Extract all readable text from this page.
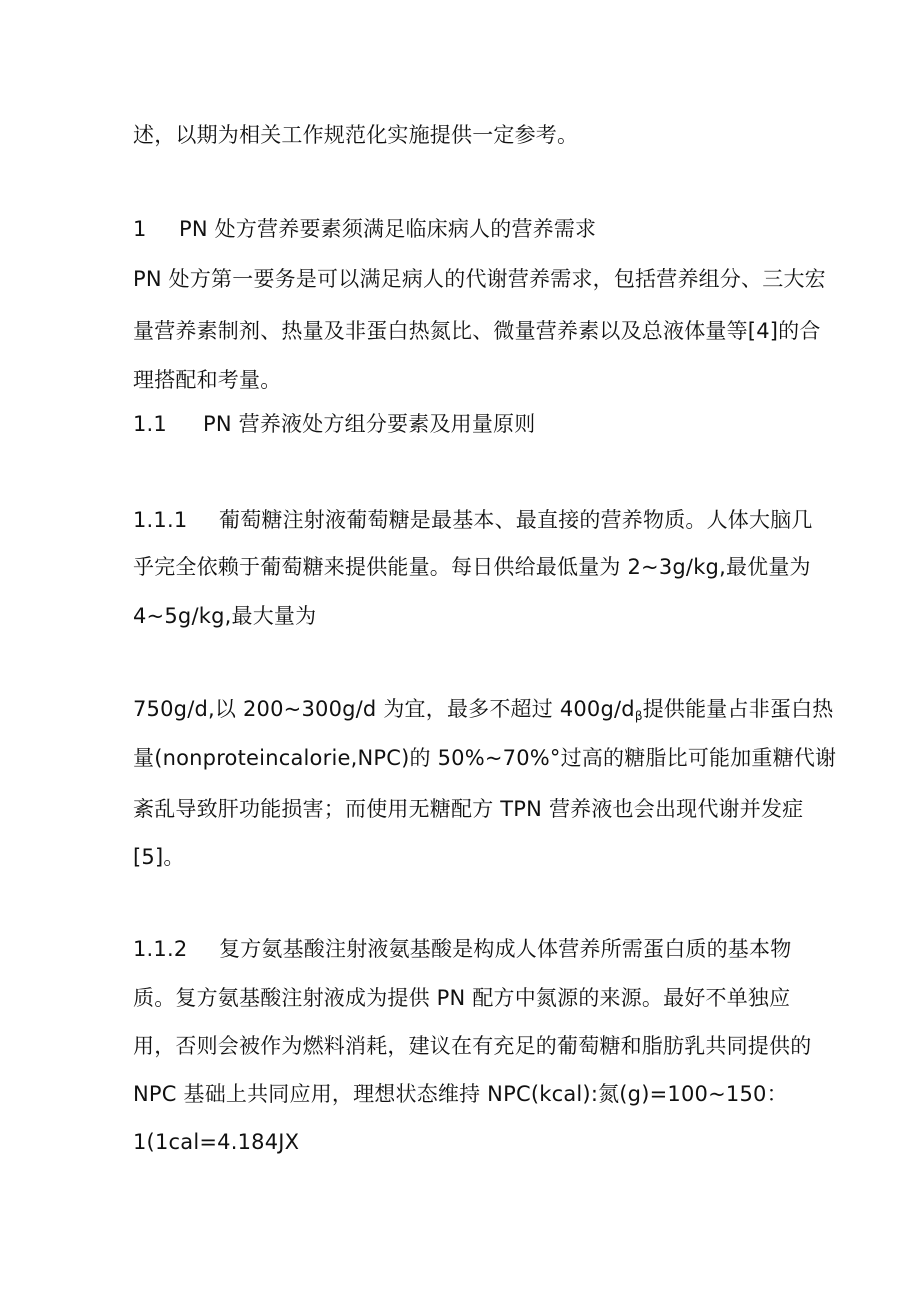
述，以期为相关工作规范化实施提供一定参考。
1 PN 处方营养要素须满足临床病人的营养需求
PN 处方第一要务是可以满足病人的代谢营养需求，包括营养组分、三大宏
量营养素制剂、热量及非蛋白热氮比、微量营养素以及总液体量等[4]的合
理搭配和考量。
1.1 PN 营养液处方组分要素及用量原则
1.1.1 葡萄糖注射液葡萄糖是最基本、最直接的营养物质。人体大脑几
乎完全依赖于葡萄糖来提供能量。每日供给最低量为 2~3g∕kg,最优量为
4~5g/kg,最大量为
750g/d,以 200~300g/d 为宜，最多不超过 $400g∕d_\beta$提供能量占非蛋白热
量(nonproteincalorie,NPC)的 50%~70%°过高的糖脂比可能加重糖代谢
紊乱导致肝功能损害；而使用无糖配方 TPN 营养液也会出现代谢并发症
[5]。
1.1.2 复方氨基酸注射液氨基酸是构成人体营养所需蛋白质的基本物
质。复方氨基酸注射液成为提供 PN 配方中氮源的来源。最好不单独应
用，否则会被作为燃料消耗，建议在有充足的葡萄糖和脂肪乳共同提供的
NPC 基础上共同应用，理想状态维持 NPC(kcal):氮(g)=100~150：
1(1cal=4.184JX
